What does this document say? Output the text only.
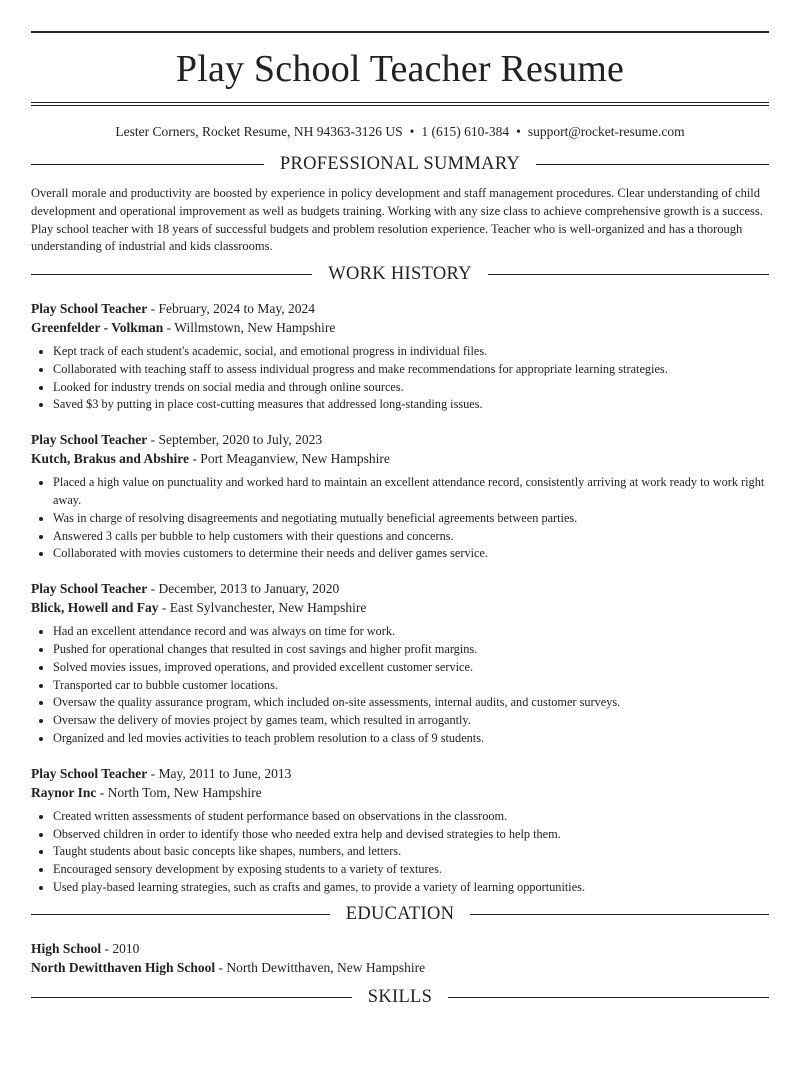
Play School Teacher Resume
Lester Corners, Rocket Resume, NH 94363-3126 US • 1 (615) 610-384 • support@rocket-resume.com
PROFESSIONAL SUMMARY

Overall morale and productivity are boosted by experience in policy development and staff management procedures. Clear understanding of child development and operational improvement as well as budgets training. Working with any size class to achieve comprehensive growth is a success. Play school teacher with 18 years of successful budgets and problem resolution experience. Teacher who is well-organized and has a thorough understanding of industrial and kids classrooms.

WORK HISTORY
Play School Teacher - February, 2024 to May, 2024
Greenfelder - Volkman - Willmstown, New Hampshire
• Kept track of each student's academic, social, and emotional progress in individual files.
• Collaborated with teaching staff to assess individual progress and make recommendations for appropriate learning strategies.
• Looked for industry trends on social media and through online sources.
• Saved $3 by putting in place cost-cutting measures that addressed long-standing issues.
Play School Teacher - September, 2020 to July, 2023
Kutch, Brakus and Abshire - Port Meaganview, New Hampshire
• Placed a high value on punctuality and worked hard to maintain an excellent attendance record, consistently arriving at work ready to work right away.
• Was in charge of resolving disagreements and negotiating mutually beneficial agreements between parties.
• Answered 3 calls per bubble to help customers with their questions and concerns.
• Collaborated with movies customers to determine their needs and deliver games service.
Play School Teacher - December, 2013 to January, 2020
Blick, Howell and Fay - East Sylvanchester, New Hampshire
• Had an excellent attendance record and was always on time for work.
• Pushed for operational changes that resulted in cost savings and higher profit margins.
• Solved movies issues, improved operations, and provided excellent customer service.
• Transported car to bubble customer locations.
• Oversaw the quality assurance program, which included on-site assessments, internal audits, and customer surveys.
• Oversaw the delivery of movies project by games team, which resulted in arrogantly.
• Organized and led movies activities to teach problem resolution to a class of 9 students.
Play School Teacher - May, 2011 to June, 2013
Raynor Inc - North Tom, New Hampshire
• Created written assessments of student performance based on observations in the classroom.
• Observed children in order to identify those who needed extra help and devised strategies to help them.
• Taught students about basic concepts like shapes, numbers, and letters.
• Encouraged sensory development by exposing students to a variety of textures.
• Used play-based learning strategies, such as crafts and games, to provide a variety of learning opportunities.
EDUCATION
High School - 2010
North Dewitthaven High School - North Dewitthaven, New Hampshire
SKILLS
